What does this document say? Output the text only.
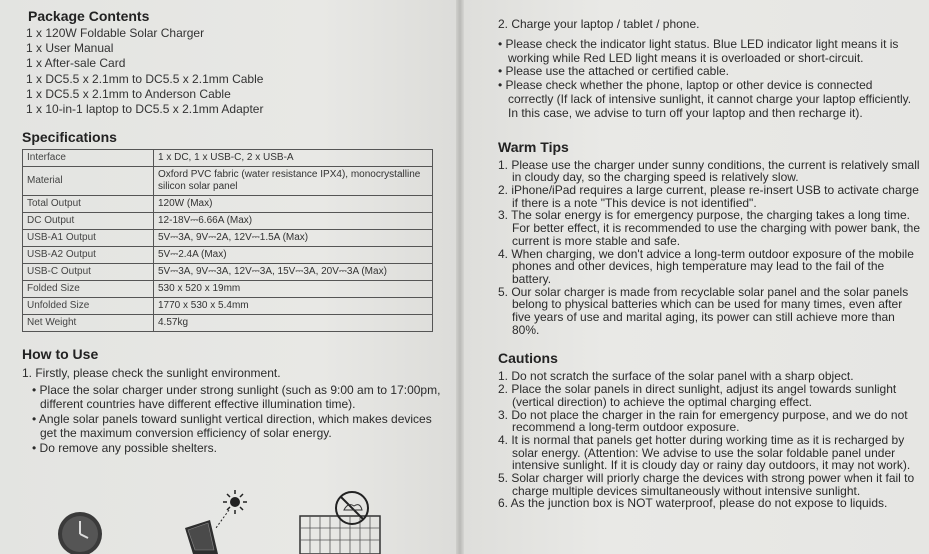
Package Contents
1 x 120W Foldable Solar Charger
1 x User Manual
1 x After-sale Card
1 x DC5.5 x 2.1mm to DC5.5 x 2.1mm Cable
1 x DC5.5 x 2.1mm to Anderson Cable
1 x 10-in-1 laptop to DC5.5 x 2.1mm Adapter
Specifications
Interface	1 x DC, 1 x USB-C, 2 x USB-A
Material	Oxford PVC fabric (water resistance IPX4), monocrystalline silicon solar panel
Total Output	120W (Max)
DC Output	12-18V⎓6.66A (Max)
USB-A1 Output	5V⎓3A, 9V⎓2A, 12V⎓1.5A (Max)
USB-A2 Output	5V⎓2.4A (Max)
USB-C Output	5V⎓3A, 9V⎓3A, 12V⎓3A, 15V⎓3A, 20V⎓3A (Max)
Folded Size	530 x 520 x 19mm
Unfolded Size	1770 x 530 x 5.4mm
Net Weight	4.57kg
How to Use

1. Firstly, please check the sunlight environment.

• Place the solar charger under strong sunlight (such as 9:00 am to 17:00pm, different countries have different effective illumination time).
• Angle solar panels toward sunlight vertical direction, which makes devices get the maximum conversion efficiency of solar energy.
• Do remove any possible shelters.

2. Charge your laptop / tablet / phone.

• Please check the indicator light status. Blue LED indicator light means it is working while Red LED light means it is overloaded or short-circuit.
• Please use the attached or certified cable.
• Please check whether the phone, laptop or other device is connected correctly (If lack of intensive sunlight, it cannot charge your laptop efficiently. In this case, we advise to turn off your laptop and then recharge it).
Warm Tips
1. Please use the charger under sunny conditions, the current is relatively small in cloudy day, so the charging speed is relatively slow.
2. iPhone/iPad requires a large current, please re-insert USB to activate charge if there is a note "This device is not identified".
3. The solar energy is for emergency purpose, the charging takes a long time. For better effect, it is recommended to use the charging with power bank, the current is more stable and safe.
4. When charging, we don't advice a long-term outdoor exposure of the mobile phones and other devices, high temperature may lead to the fail of the battery.
5. Our solar charger is made from recyclable solar panel and the solar panels belong to physical batteries which can be used for many times, even after five years of use and marital aging, its power can still achieve more than 80%.
Cautions
1. Do not scratch the surface of the solar panel with a sharp object.
2. Place the solar panels in direct sunlight, adjust its angel towards sunlight (vertical direction) to achieve the optimal charging effect.
3. Do not place the charger in the rain for emergency purpose, and we do not recommend a long-term outdoor exposure.
4. It is normal that panels get hotter during working time as it is recharged by solar energy. (Attention: We advise to use the solar foldable panel under intensive sunlight. If it is cloudy day or rainy day outdoors, it may not work).
5. Solar charger will priorly charge the devices with strong power when it fail to charge multiple devices simultaneously without intensive sunlight.
6. As the junction box is NOT waterproof, please do not expose to liquids.
